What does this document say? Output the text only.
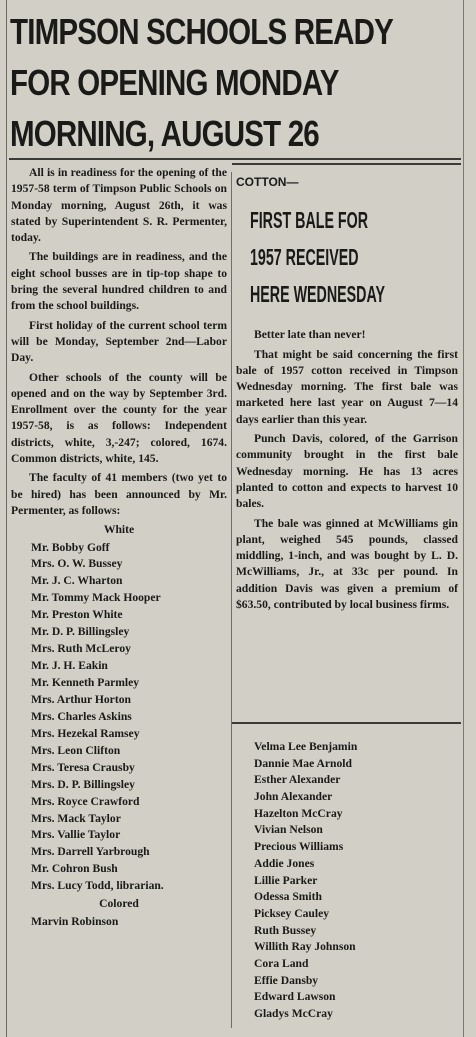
TIMPSON SCHOOLS READY
FOR OPENING MONDAY
MORNING, AUGUST 26

All is in readiness for the opening of the 1957-58 term of Timpson Public Schools on Monday morning, August 26th, it was stated by Superintendent S. R. Permenter, today.

The buildings are in readiness, and the eight school busses are in tip-top shape to bring the several hundred children to and from the school buildings.

First holiday of the current school term will be Monday, September 2nd—Labor Day.

Other schools of the county will be opened and on the way by September 3rd. Enrollment over the county for the year 1957-58, is as follows: Independent districts, white, 3,-247; colored, 1674. Common districts, white, 145.

The faculty of 41 members (two yet to be hired) has been announced by Mr. Permenter, as follows:

White
Mr. Bobby Goff
Mrs. O. W. Bussey
Mr. J. C. Wharton
Mr. Tommy Mack Hooper
Mr. Preston White
Mr. D. P. Billingsley
Mrs. Ruth McLeroy
Mr. J. H. Eakin
Mr. Kenneth Parmley
Mrs. Arthur Horton
Mrs. Charles Askins
Mrs. Hezekal Ramsey
Mrs. Leon Clifton
Mrs. Teresa Crausby
Mrs. D. P. Billingsley
Mrs. Royce Crawford
Mrs. Mack Taylor
Mrs. Vallie Taylor
Mrs. Darrell Yarbrough
Mr. Cohron Bush
Mrs. Lucy Todd, librarian.
Colored
Marvin Robinson
COTTON—
FIRST BALE FOR
1957 RECEIVED
HERE WEDNESDAY

Better late than never!

That might be said concerning the first bale of 1957 cotton received in Timpson Wednesday morning. The first bale was marketed here last year on August 7—14 days earlier than this year.

Punch Davis, colored, of the Garrison community brought in the first bale Wednesday morning. He has 13 acres planted to cotton and expects to harvest 10 bales.

The bale was ginned at McWilliams gin plant, weighed 545 pounds, classed middling, 1-inch, and was bought by L. D. McWilliams, Jr., at 33c per pound. In addition Davis was given a premium of $63.50, contributed by local business firms.

Velma Lee Benjamin
Dannie Mae Arnold
Esther Alexander
John Alexander
Hazelton McCray
Vivian Nelson
Precious Williams
Addie Jones
Lillie Parker
Odessa Smith
Picksey Cauley
Ruth Bussey
Willith Ray Johnson
Cora Land
Effie Dansby
Edward Lawson
Gladys McCray
